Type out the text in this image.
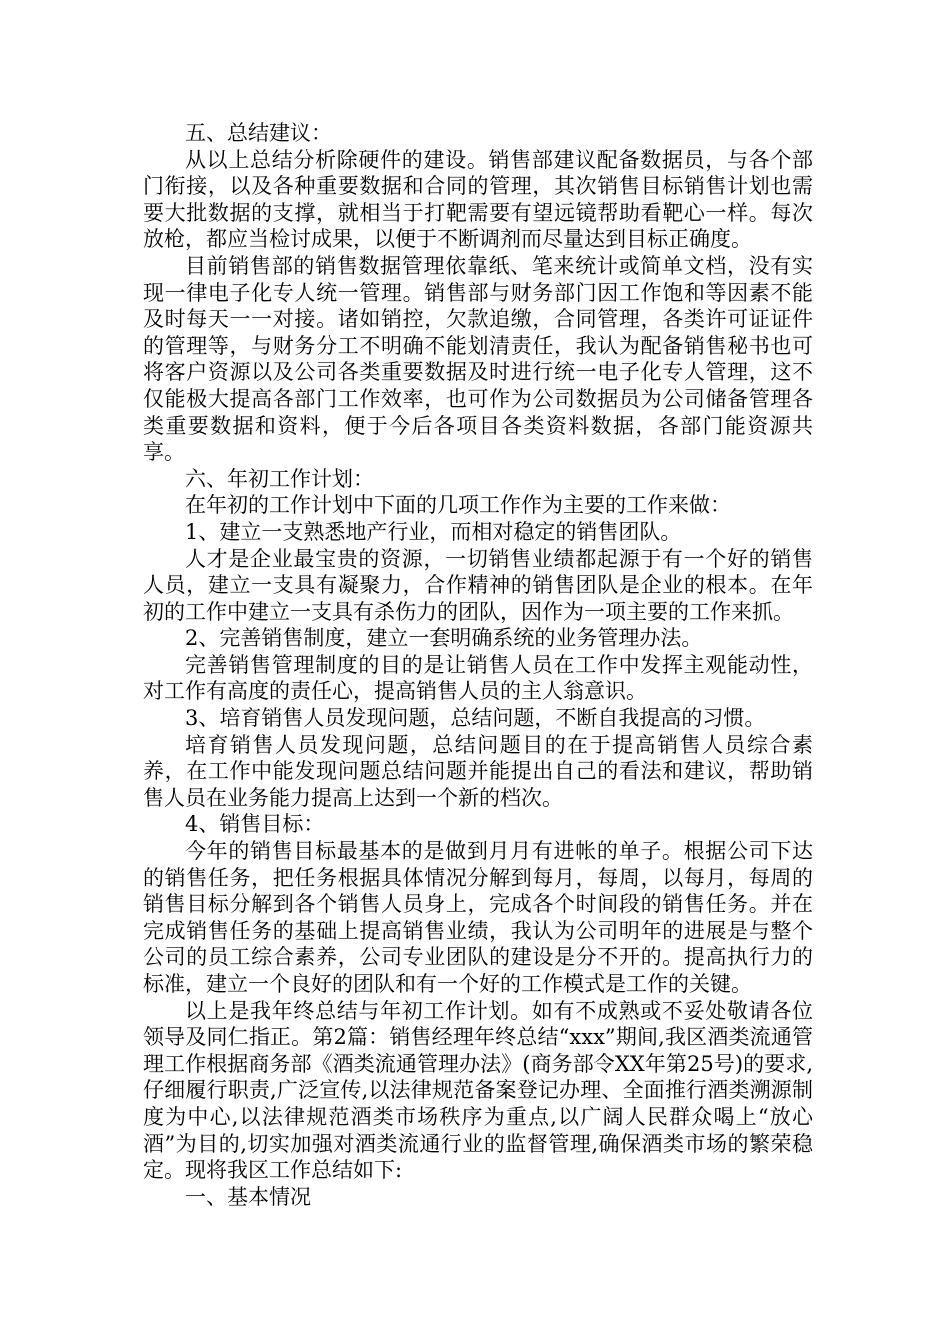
五、总结建议：

从以上总结分析除硬件的建设。销售部建议配备数据员，与各个部门衔接，以及各种重要数据和合同的管理，其次销售目标销售计划也需要大批数据的支撑，就相当于打靶需要有望远镜帮助看靶心一样。每次放枪，都应当检讨成果，以便于不断调剂而尽量达到目标正确度。

目前销售部的销售数据管理依靠纸、笔来统计或简单文档，没有实现一律电子化专人统一管理。销售部与财务部门因工作饱和等因素不能及时每天一一对接。诸如销控，欠款追缴，合同管理，各类许可证证件的管理等，与财务分工不明确不能划清责任，我认为配备销售秘书也可将客户资源以及公司各类重要数据及时进行统一电子化专人管理，这不仅能极大提高各部门工作效率，也可作为公司数据员为公司储备管理各类重要数据和资料，便于今后各项目各类资料数据，各部门能资源共享。

六、年初工作计划：

在年初的工作计划中下面的几项工作作为主要的工作来做：

1、建立一支熟悉地产行业，而相对稳定的销售团队。

人才是企业最宝贵的资源，一切销售业绩都起源于有一个好的销售人员，建立一支具有凝聚力，合作精神的销售团队是企业的根本。在年初的工作中建立一支具有杀伤力的团队，因作为一项主要的工作来抓。

2、完善销售制度，建立一套明确系统的业务管理办法。

完善销售管理制度的目的是让销售人员在工作中发挥主观能动性，对工作有高度的责任心，提高销售人员的主人翁意识。

3、培育销售人员发现问题，总结问题，不断自我提高的习惯。

培育销售人员发现问题，总结问题目的在于提高销售人员综合素养，在工作中能发现问题总结问题并能提出自己的看法和建议，帮助销售人员在业务能力提高上达到一个新的档次。

4、销售目标：

今年的销售目标最基本的是做到月月有进帐的单子。根据公司下达的销售任务，把任务根据具体情况分解到每月，每周，以每月，每周的销售目标分解到各个销售人员身上，完成各个时间段的销售任务。并在完成销售任务的基础上提高销售业绩，我认为公司明年的进展是与整个公司的员工综合素养，公司专业团队的建设是分不开的。提高执行力的标准，建立一个良好的团队和有一个好的工作模式是工作的关键。

以上是我年终总结与年初工作计划。如有不成熟或不妥处敬请各位领导及同仁指正。第2篇：销售经理年终总结“xxx”期间,我区酒类流通管理工作根据商务部《酒类流通管理办法》(商务部令XX年第25号)的要求,仔细履行职责,广泛宣传,以法律规范备案登记办理、全面推行酒类溯源制度为中心,以法律规范酒类市场秩序为重点,以广阔人民群众喝上“放心酒”为目的,切实加强对酒类流通行业的监督管理,确保酒类市场的繁荣稳定。现将我区工作总结如下:

一、基本情况
